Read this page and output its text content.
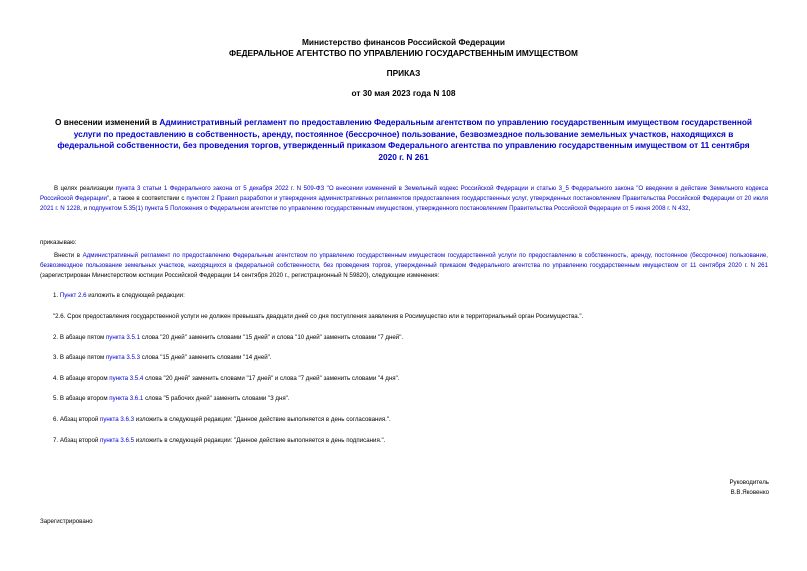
Министерство финансов Российской Федерации
ФЕДЕРАЛЬНОЕ АГЕНТСТВО ПО УПРАВЛЕНИЮ ГОСУДАРСТВЕННЫМ ИМУЩЕСТВОМ
ПРИКАЗ
от 30 мая 2023 года N 108
О внесении изменений в Административный регламент по предоставлению Федеральным агентством по управлению государственным имуществом государственной услуги по предоставлению в собственность, аренду, постоянное (бессрочное) пользование, безвозмездное пользование земельных участков, находящихся в федеральной собственности, без проведения торгов, утвержденный приказом Федерального агентства по управлению государственным имуществом от 11 сентября 2020 г. N 261
В целях реализации пункта 3 статьи 1 Федерального закона от 5 декабря 2022 г. N 509-ФЗ "О внесении изменений в Земельный кодекс Российской Федерации и статью 3_5 Федерального закона "О введении в действие Земельного кодекса Российской Федерации", а также в соответствии с пунктом 2 Правил разработки и утверждения административных регламентов предоставления государственных услуг, утвержденных постановлением Правительства Российской Федерации от 20 июля 2021 г. N 1228, и подпунктом 5.35(1) пункта 5 Положения о Федеральном агентстве по управлению государственным имуществом, утвержденного постановлением Правительства Российской Федерации от 5 июня 2008 г. N 432,
приказываю:
Внести в Административный регламент по предоставлению Федеральным агентством по управлению государственным имуществом государственной услуги по предоставлению в собственность, аренду, постоянное (бессрочное) пользование, безвозмездное пользование земельных участков, находящихся в федеральной собственности, без проведения торгов, утвержденный приказом Федерального агентства по управлению государственным имуществом от 11 сентября 2020 г. N 261 (зарегистрирован Министерством юстиции Российской Федерации 14 сентября 2020 г., регистрационный N 59820), следующие изменения:
1. Пункт 2.6 изложить в следующей редакции:
"2.6. Срок предоставления государственной услуги не должен превышать двадцати дней со дня поступления заявления в Росимущество или в территориальный орган Росимущества.".
2. В абзаце пятом пункта 3.5.1 слова "20 дней" заменить словами "15 дней" и слова "10 дней" заменить словами "7 дней".
3. В абзаце пятом пункта 3.5.3 слова "15 дней" заменить словами "14 дней".
4. В абзаце втором пункта 3.5.4 слова "20 дней" заменить словами "17 дней" и слова "7 дней" заменить словами "4 дня".
5. В абзаце втором пункта 3.6.1 слова "5 рабочих дней" заменить словами "3 дня".
6. Абзац второй пункта 3.6.3 изложить в следующей редакции: "Данное действие выполняется в день согласования.".
7. Абзац второй пункта 3.6.5 изложить в следующей редакции: "Данное действие выполняется в день подписания.".
Руководитель
В.В.Яковенко
Зарегистрировано
